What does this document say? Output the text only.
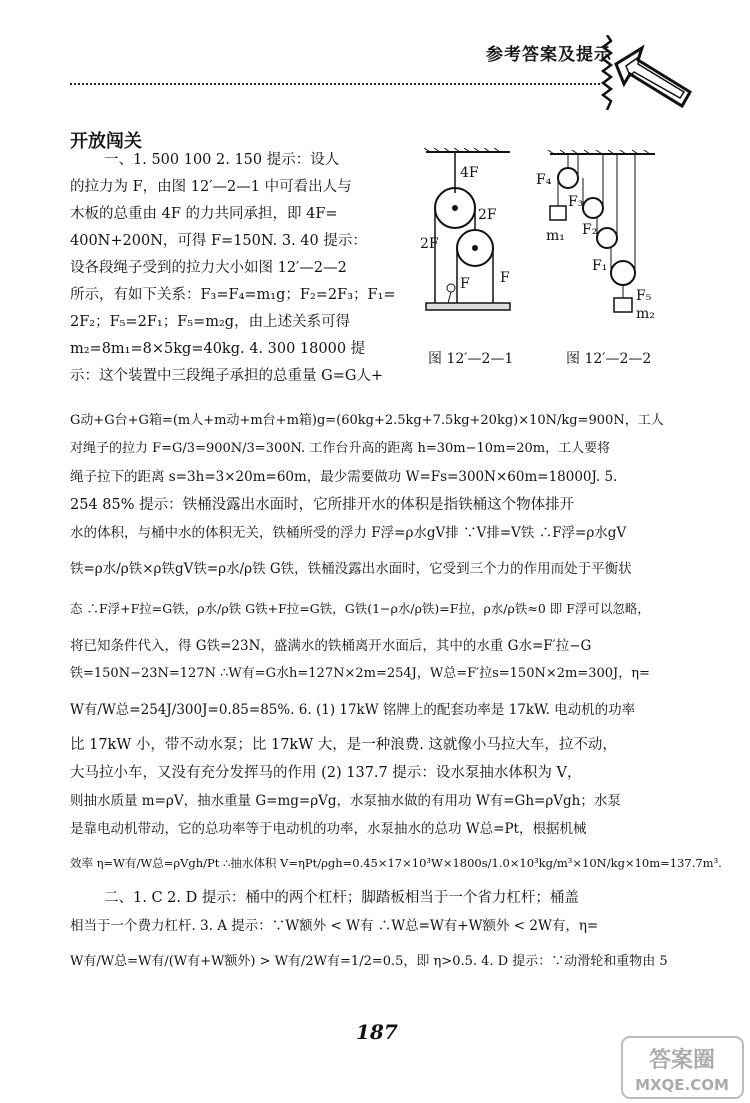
参考答案及提示
开放闯关
4F
2F
2F
F F
图 12′—2—1
F₄
F₃
m₁ F₂
F₁
F₅
m₂
图 12′—2—2
一、1. 500 100 2. 150 提示：设人
的拉力为 F，由图 12′—2—1 中可看出人与
木板的总重由 4F 的力共同承担，即 4F=
400N+200N，可得 F=150N. 3. 40 提示：
设各段绳子受到的拉力大小如图 12′—2—2
所示，有如下关系：F₃=F₄=m₁g；F₂=2F₃；F₁=
2F₂；F₅=2F₁；F₅=m₂g，由上述关系可得
m₂=8m₁=8×5kg=40kg. 4. 300 18000 提
示：这个装置中三段绳子承担的总重量 G=G人+
G动+G台+G箱=(m人+m动+m台+m箱)g=(60kg+2.5kg+7.5kg+20kg)×10N/kg=900N，工人
对绳子的拉力 F=G/3=900N/3=300N. 工作台升高的距离 h=30m−10m=20m，工人要将
绳子拉下的距离 s=3h=3×20m=60m，最少需要做功 W=Fs=300N×60m=18000J. 5.
254 85% 提示：铁桶没露出水面时，它所排开水的体积是指铁桶这个物体排开
水的体积，与桶中水的体积无关，铁桶所受的浮力 F浮=ρ水gV排 ∵V排=V铁 ∴F浮=ρ水gV
铁=ρ水/ρ铁×ρ铁gV铁=ρ水/ρ铁 G铁，铁桶没露出水面时，它受到三个力的作用而处于平衡状
态 ∴F浮+F拉=G铁，ρ水/ρ铁 G铁+F拉=G铁，G铁(1−ρ水/ρ铁)=F拉，ρ水/ρ铁≈0 即 F浮可以忽略，
将已知条件代入，得 G铁=23N，盛满水的铁桶离开水面后，其中的水重 G水=F′拉−G
铁=150N−23N=127N ∴W有=G水h=127N×2m=254J，W总=F′拉s=150N×2m=300J，η=
W有/W总=254J/300J=0.85=85%. 6. (1) 17kW 铭牌上的配套功率是 17kW. 电动机的功率
比 17kW 小，带不动水泵；比 17kW 大，是一种浪费. 这就像小马拉大车，拉不动，
大马拉小车，又没有充分发挥马的作用 (2) 137.7 提示：设水泵抽水体积为 V，
则抽水质量 m=ρV，抽水重量 G=mg=ρVg，水泵抽水做的有用功 W有=Gh=ρVgh；水泵
是靠电动机带动，它的总功率等于电动机的功率，水泵抽水的总功 W总=Pt，根据机械
效率 η=W有/W总=ρVgh/Pt ∴抽水体积 V=ηPt/ρgh=0.45×17×10³W×1800s/1.0×10³kg/m³×10N/kg×10m=137.7m³.
二、1. C 2. D 提示：桶中的两个杠杆；脚踏板相当于一个省力杠杆；桶盖
相当于一个费力杠杆. 3. A 提示：∵W额外 < W有 ∴W总=W有+W额外 < 2W有，η=
W有/W总=W有/(W有+W额外) > W有/2W有=1/2=0.5，即 η>0.5. 4. D 提示：∵动滑轮和重物由 5
187
答案圈
MXQE.COM
